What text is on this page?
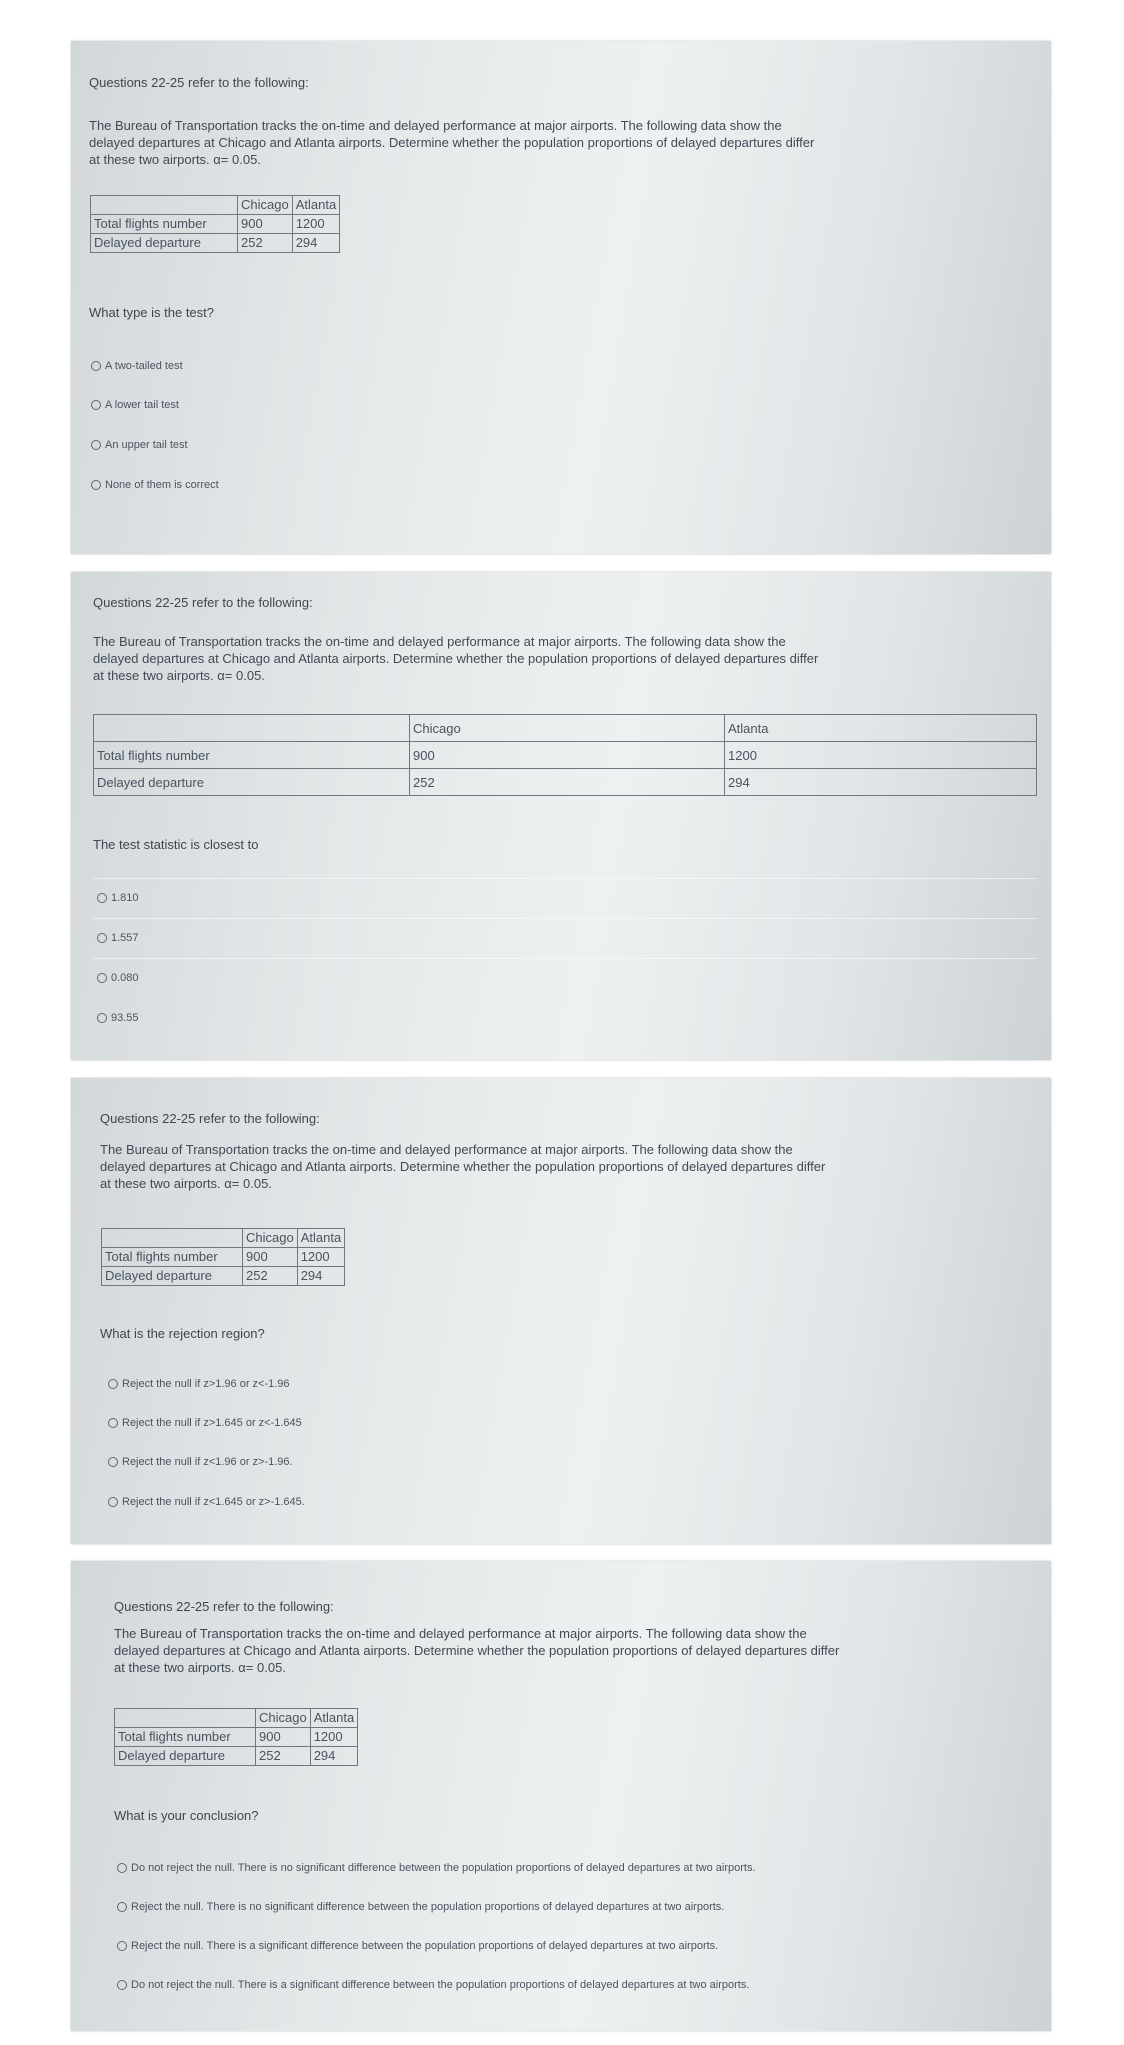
Questions 22-25 refer to the following:
The Bureau of Transportation tracks the on-time and delayed performance at major airports. The following data show the
delayed departures at Chicago and Atlanta airports. Determine whether the population proportions of delayed departures differ
at these two airports. α= 0.05.
	Chicago	Atlanta
Total flights number	900	1200
Delayed departure	252	294
What type is the test?
A two-tailed test
A lower tail test
An upper tail test
None of them is correct
Questions 22-25 refer to the following:
The Bureau of Transportation tracks the on-time and delayed performance at major airports. The following data show the
delayed departures at Chicago and Atlanta airports. Determine whether the population proportions of delayed departures differ
at these two airports. α= 0.05.
	Chicago	Atlanta
Total flights number	900	1200
Delayed departure	252	294
The test statistic is closest to
1.810
1.557
0.080
93.55
Questions 22-25 refer to the following:
The Bureau of Transportation tracks the on-time and delayed performance at major airports. The following data show the
delayed departures at Chicago and Atlanta airports. Determine whether the population proportions of delayed departures differ
at these two airports. α= 0.05.
	Chicago	Atlanta
Total flights number	900	1200
Delayed departure	252	294
What is the rejection region?
Reject the null if z>1.96 or z<-1.96
Reject the null if z>1.645 or z<-1.645
Reject the null if z<1.96 or z>-1.96.
Reject the null if z<1.645 or z>-1.645.
Questions 22-25 refer to the following:
The Bureau of Transportation tracks the on-time and delayed performance at major airports. The following data show the
delayed departures at Chicago and Atlanta airports. Determine whether the population proportions of delayed departures differ
at these two airports. α= 0.05.
	Chicago	Atlanta
Total flights number	900	1200
Delayed departure	252	294
What is your conclusion?
Do not reject the null. There is no significant difference between the population proportions of delayed departures at two airports.
Reject the null. There is no significant difference between the population proportions of delayed departures at two airports.
Reject the null. There is a significant difference between the population proportions of delayed departures at two airports.
Do not reject the null. There is a significant difference between the population proportions of delayed departures at two airports.
